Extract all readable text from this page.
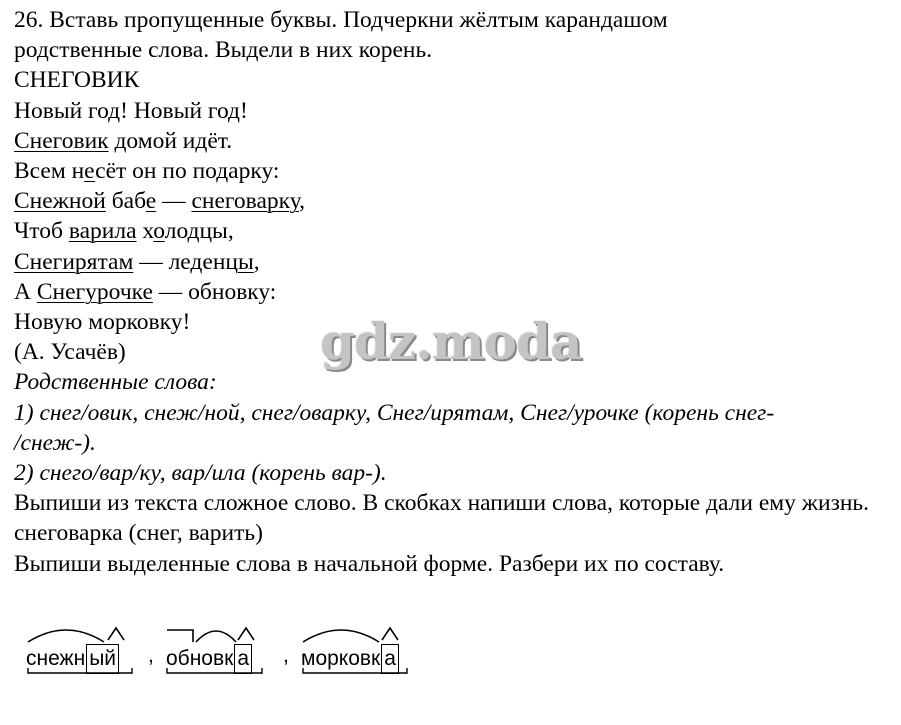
26. Вставь пропущенные буквы. Подчеркни жёлтым карандашом
родственные слова. Выдели в них корень.
СНЕГОВИК
Новый год! Новый год!
Снеговик домой идёт.
Всем несёт он по подарку:
Снежной бабе — снеговарку,
Чтоб варила холодцы,
Снегирятам — леденцы,
А Снегурочке — обновку:
Новую морковку!
(А. Усачёв)
Родственные слова:
1) снег/овик, снеж/ной, снег/оварку, Снег/ирятам, Снег/урочке (корень снег-
/снеж-).
2) снего/вар/ку, вар/ила (корень вар-).
Выпиши из текста сложное слово. В скобках напиши слова, которые дали ему жизнь.
снеговарка (снег, варить)
Выпиши выделенные слова в начальной форме. Разбери их по составу.
gdz.moda
снежн ый , обновк а , морковк а
